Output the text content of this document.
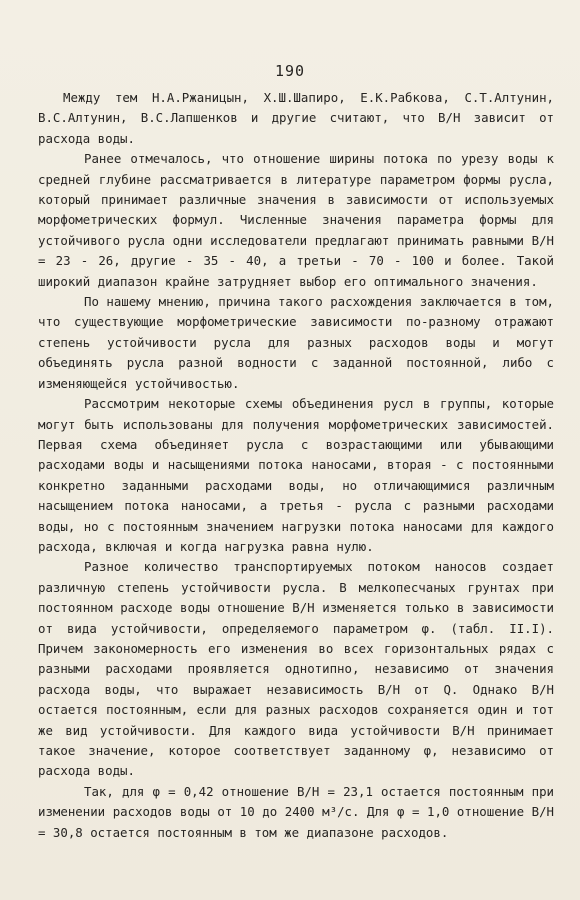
190

Между тем Н.А.Ржаницын, Х.Ш.Шапиро, Е.К.Рабкова, С.Т.Алтунин, В.С.Алтунин, В.С.Лапшенков и другие считают, что B/H зависит от расхода воды.

Ранее отмечалось, что отношение ширины потока по урезу воды к средней глубине рассматривается в литературе параметром формы русла, который принимает различные значения в зависимости от используемых морфометрических формул. Численные значения параметра формы для устойчивого русла одни исследователи предлагают принимать равными B/H = 23 - 26, другие - 35 - 40, а третьи - 70 - 100 и более. Такой широкий диапазон крайне затрудняет выбор его оптимального значения.

По нашему мнению, причина такого расхождения заключается в том, что существующие морфометрические зависимости по-разному отражают степень устойчивости русла для разных расходов воды и могут объединять русла разной водности с заданной постоянной, либо с изменяющейся устойчивостью.

Рассмотрим некоторые схемы объединения русл в группы, которые могут быть использованы для получения морфометрических зависимостей. Первая схема объединяет русла с возрастающими или убывающими расходами воды и насыщениями потока наносами, вторая - с постоянными конкретно заданными расходами воды, но отличающимися различным насыщением потока наносами, а третья - русла с разными расходами воды, но с постоянным значением нагрузки потока наносами для каждого расхода, включая и когда нагрузка равна нулю.

Разное количество транспортируемых потоком наносов создает различную степень устойчивости русла. В мелкопесчаных грунтах при постоянном расходе воды отношение B/H изменяется только в зависимости от вида устойчивости, определяемого параметром φ. (табл. II.I). Причем закономерность его изменения во всех горизонтальных рядах с разными расходами проявляется однотипно, независимо от значения расхода воды, что выражает независимость B/H от Q. Однако B/H остается постоянным, если для разных расходов сохраняется один и тот же вид устойчивости. Для каждого вида устойчивости B/H принимает такое значение, которое соответствует заданному φ, независимо от расхода воды.

Так, для φ = 0,42 отношение B/H = 23,1 остается постоянным при изменении расходов воды от 10 до 2400 м³/с. Для φ = 1,0 отношение B/H = 30,8 остается постоянным в том же диапазоне расходов.
